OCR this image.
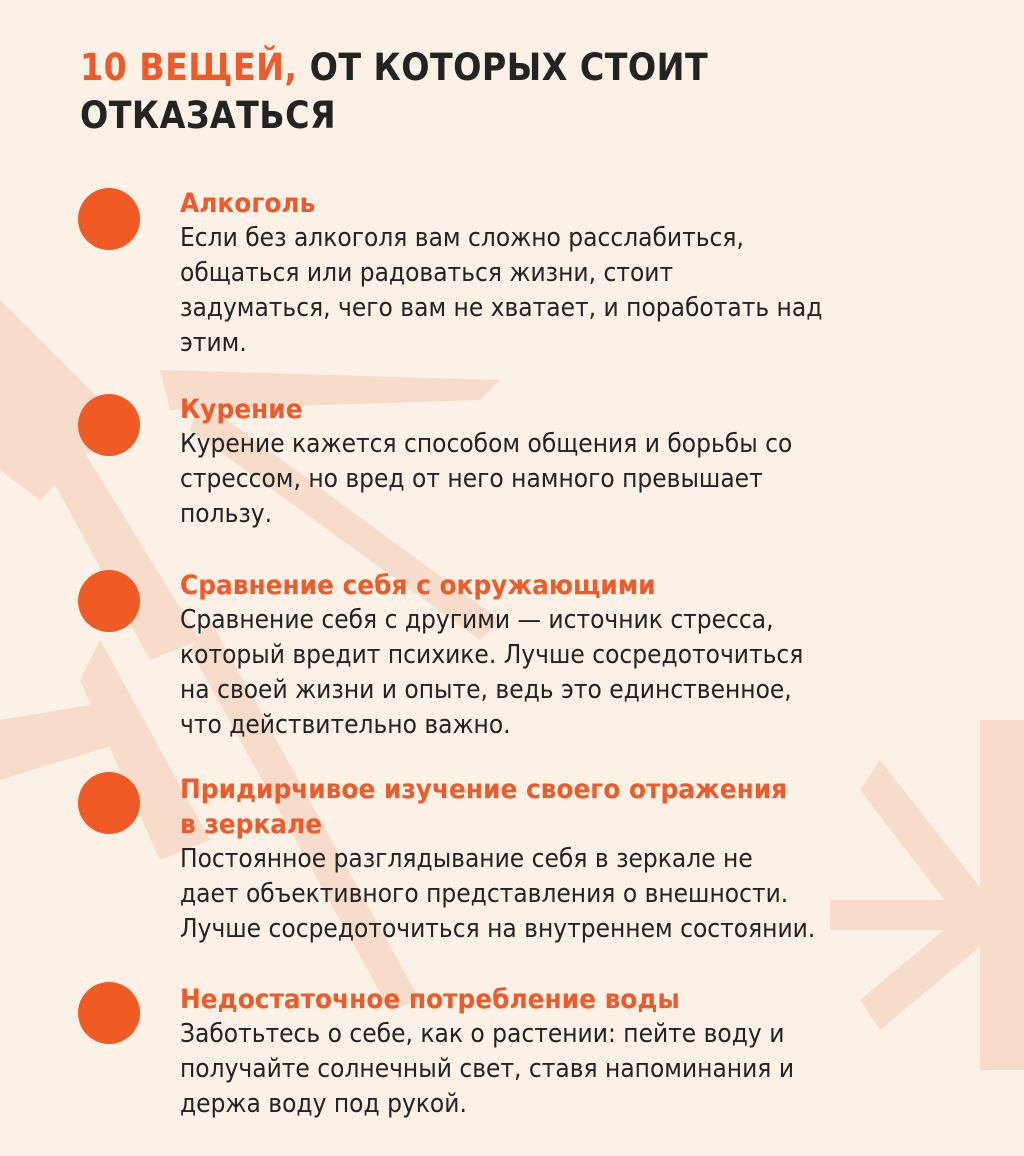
10 ВЕЩЕЙ, ОТ КОТОРЫХ СТОИТ
ОТКАЗАТЬСЯ

Алкоголь

Если без алкоголя вам сложно расслабиться,
общаться или радоваться жизни, стоит
задуматься, чего вам не хватает, и поработать над
этим.

Курение

Курение кажется способом общения и борьбы со
стрессом, но вред от него намного превышает
пользу.

Сравнение себя с окружающими

Сравнение себя с другими — источник стресса,
который вредит психике. Лучше сосредоточиться
на своей жизни и опыте, ведь это единственное,
что действительно важно.

Придирчивое изучение своего отражения
в зеркале

Постоянное разглядывание себя в зеркале не
дает объективного представления о внешности.
Лучше сосредоточиться на внутреннем состоянии.

Недостаточное потребление воды

Заботьтесь о себе, как о растении: пейте воду и
получайте солнечный свет, ставя напоминания и
держа воду под рукой.
